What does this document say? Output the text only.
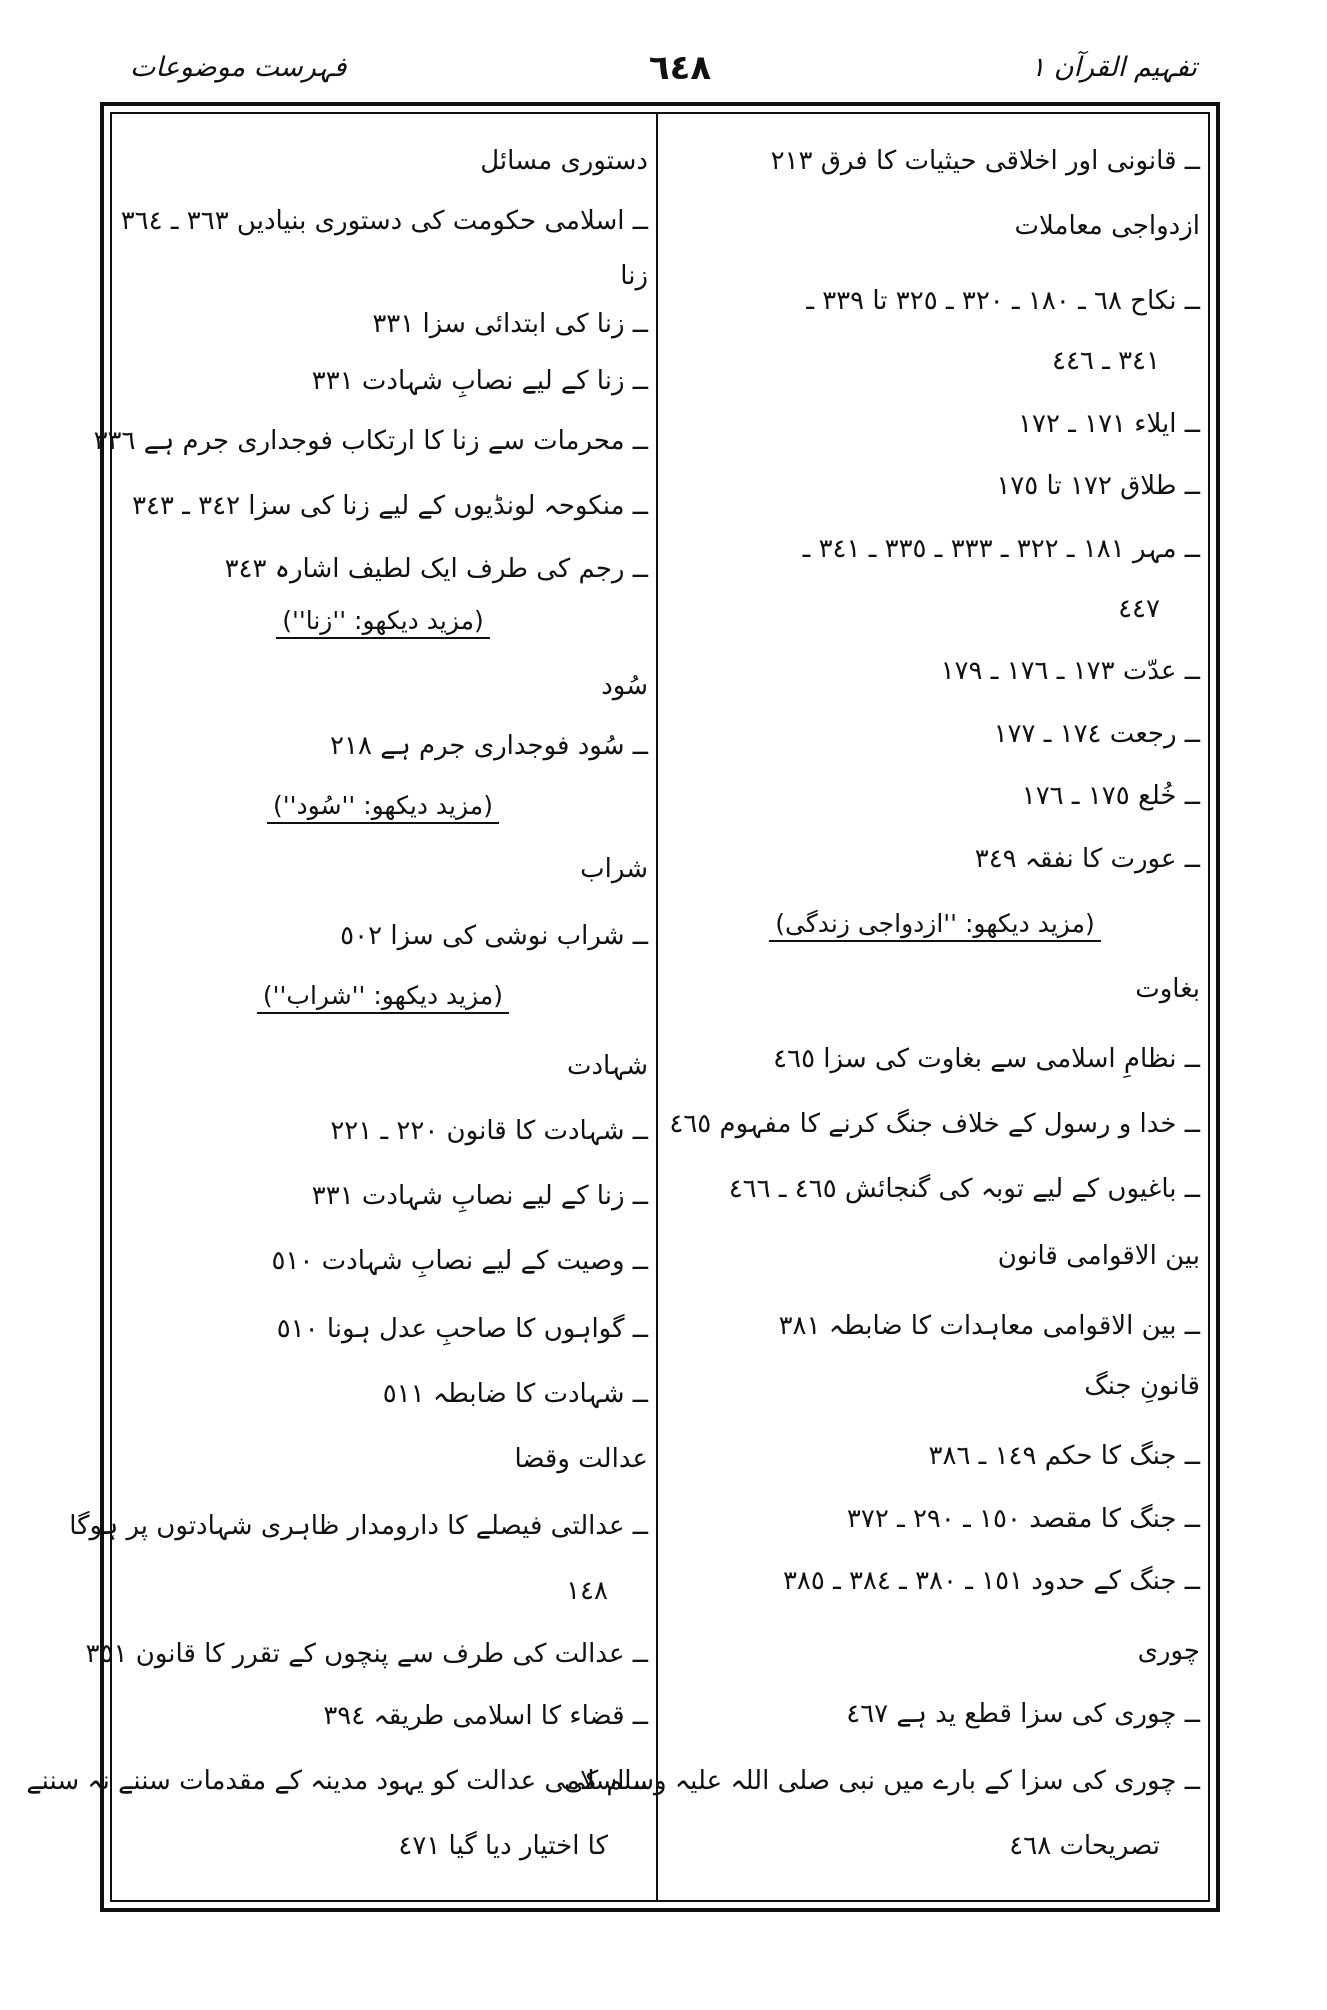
فہرست موضوعات	٦٤٨	تفہیم القرآن ١
ــ قانونی اور اخلاقی حیثیات کا فرق ٢١٣
ازدواجی معاملات
ــ نکاح ٦٨ ـ ١٨٠ ـ ٣٢٠ ـ ٣٢٥ تا ٣٣٩ ـ
٣٤١ ـ ٤٤٦
ــ ایلاء ١٧١ ـ ١٧٢
ــ طلاق ١٧٢ تا ١٧٥
ــ مہر ١٨١ ـ ٣٢٢ ـ ٣٣٣ ـ ٣٣٥ ـ ٣٤١ ـ
٤٤٧
ــ عدّت ١٧٣ ـ ١٧٦ ـ ١٧٩
ــ رجعت ١٧٤ ـ ١٧٧
ــ خُلع ١٧٥ ـ ١٧٦
ــ عورت کا نفقہ ٣٤٩
(مزید دیکھو: ''ازدواجی زندگی)
بغاوت
ــ نظامِ اسلامی سے بغاوت کی سزا ٤٦٥
ــ خدا و رسول کے خلاف جنگ کرنے کا مفہوم ٤٦٥
ــ باغیوں کے لیے توبہ کی گنجائش ٤٦٥ ـ ٤٦٦
بین الاقوامی قانون
ــ بین الاقوامی معاہدات کا ضابطہ ٣٨١
قانونِ جنگ
ــ جنگ کا حکم ١٤٩ ـ ٣٨٦
ــ جنگ کا مقصد ١٥٠ ـ ٢٩٠ ـ ٣٧٢
ــ جنگ کے حدود ١٥١ ـ ٣٨٠ ـ ٣٨٤ ـ ٣٨٥
چوری
ــ چوری کی سزا قطع ید ہے ٤٦٧
ــ چوری کی سزا کے بارے میں نبی صلی اللہ علیہ وسلم کی
تصریحات ٤٦٨
دستوری مسائل
ــ اسلامی حکومت کی دستوری بنیادیں ٣٦٣ ـ ٣٦٤
زنا
ــ زنا کی ابتدائی سزا ٣٣١
ــ زنا کے لیے نصابِ شہادت ٣٣١
ــ محرمات سے زنا کا ارتکاب فوجداری جرم ہے ٣٣٦
ــ منکوحہ لونڈیوں کے لیے زنا کی سزا ٣٤٢ ـ ٣٤٣
ــ رجم کی طرف ایک لطیف اشارہ ٣٤٣
(مزید دیکھو: ''زنا'')
سُود
ــ سُود فوجداری جرم ہے ٢١٨
(مزید دیکھو: ''سُود'')
شراب
ــ شراب نوشی کی سزا ٥٠٢
(مزید دیکھو: ''شراب'')
شہادت
ــ شہادت کا قانون ٢٢٠ ـ ٢٢١
ــ زنا کے لیے نصابِ شہادت ٣٣١
ــ وصیت کے لیے نصابِ شہادت ٥١٠
ــ گواہوں کا صاحبِ عدل ہونا ٥١٠
ــ شہادت کا ضابطہ ٥١١
عدالت وقضا
ــ عدالتی فیصلے کا دارومدار ظاہری شہادتوں پر ہوگا
١٤٨
ــ عدالت کی طرف سے پنچوں کے تقرر کا قانون ٣٥١
ــ قضاء کا اسلامی طریقہ ٣٩٤
ــ اسلامی عدالت کو یہود مدینہ کے مقدمات سننے نہ سننے
کا اختیار دیا گیا ٤٧١
